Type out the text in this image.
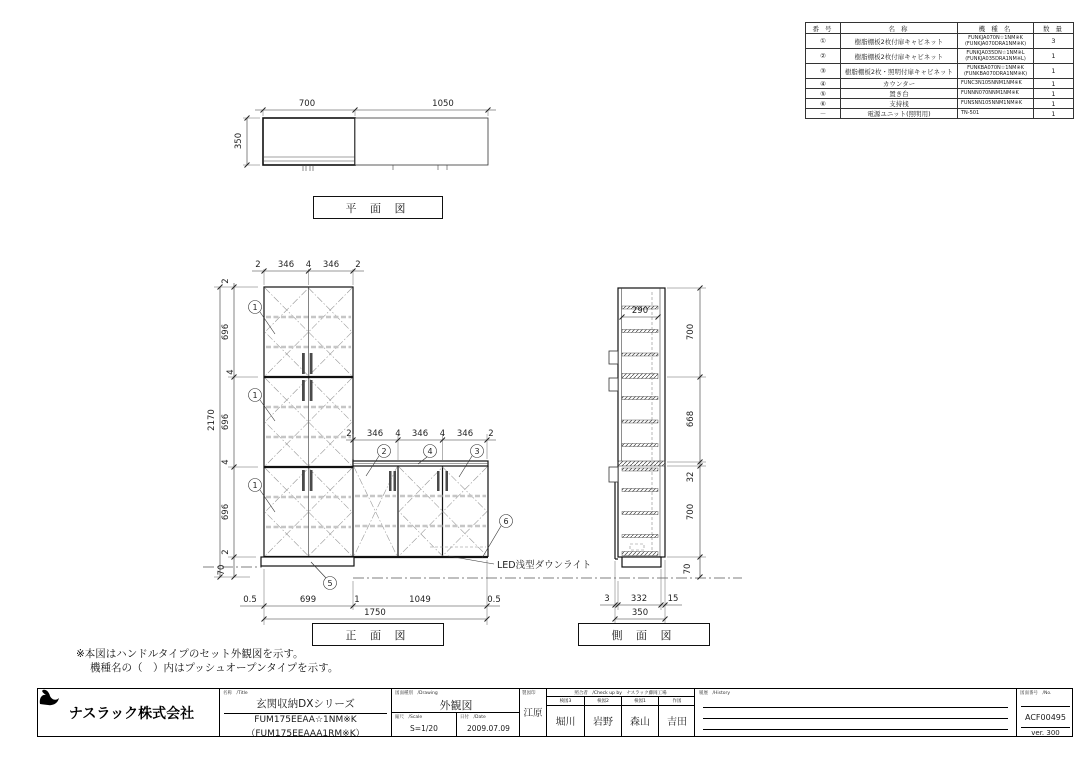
700	1050
350
2 346 4 346 2
2
696
4
696
4
696
2
70
2170
2 346 4 346 4 346 2
1
1
1
2	4	3
5
6
LED浅型ダウンライト
0.5	699	1	1049	0.5
1750
290
700
668
32
700
70
3 332 15
350
平 面 図
正 面 図	側 面 図
番 号	名 称	機 種 名	数 量
①	樹脂棚板2枚付扉キャビネット	FUNKJA070N☆1NM※K
(FUNKJA070DRA1NM※K)	3
②	樹脂棚板2枚付扉キャビネット	FUNKJA035DN☆1NM※L
(FUNKJA035DRA1NM※L)	1
③	樹脂棚板2枚・照明付扉キャビネット	FUNKBA070N☆1NM※K
(FUNKBA070DRA1NM※K)	1
④	カウンター	FUNC3N105NNM1NM※K	1
⑤	置き台	FUNNN070NNM1NM※K	1
⑥	支持桟	FUNSNN105NNM1NM※K	1
－	電源ユニット(照明用)	TN-501	1
※本図はハンドルタイプのセット外観図を示す。
機種名の（　）内はプッシュオープンタイプを示す。
ナスラック株式会社
名称　/Title
玄関収納DXシリーズ
FUM175EEAA☆1NM※K
（FUM175EEAAA1RM※K）
図面種別　/Drawing
外観図
縮尺　/Scale
S=1/20
日付　/Date
2009.07.09
製図印
江原
照合者　/Check up by　ナスラック藤岡工場
検図3
堀川
検図2
岩野
検図1
森山
作図
吉田
履歴　/History	図面番号　/No.
ACF00495
ver. 300
